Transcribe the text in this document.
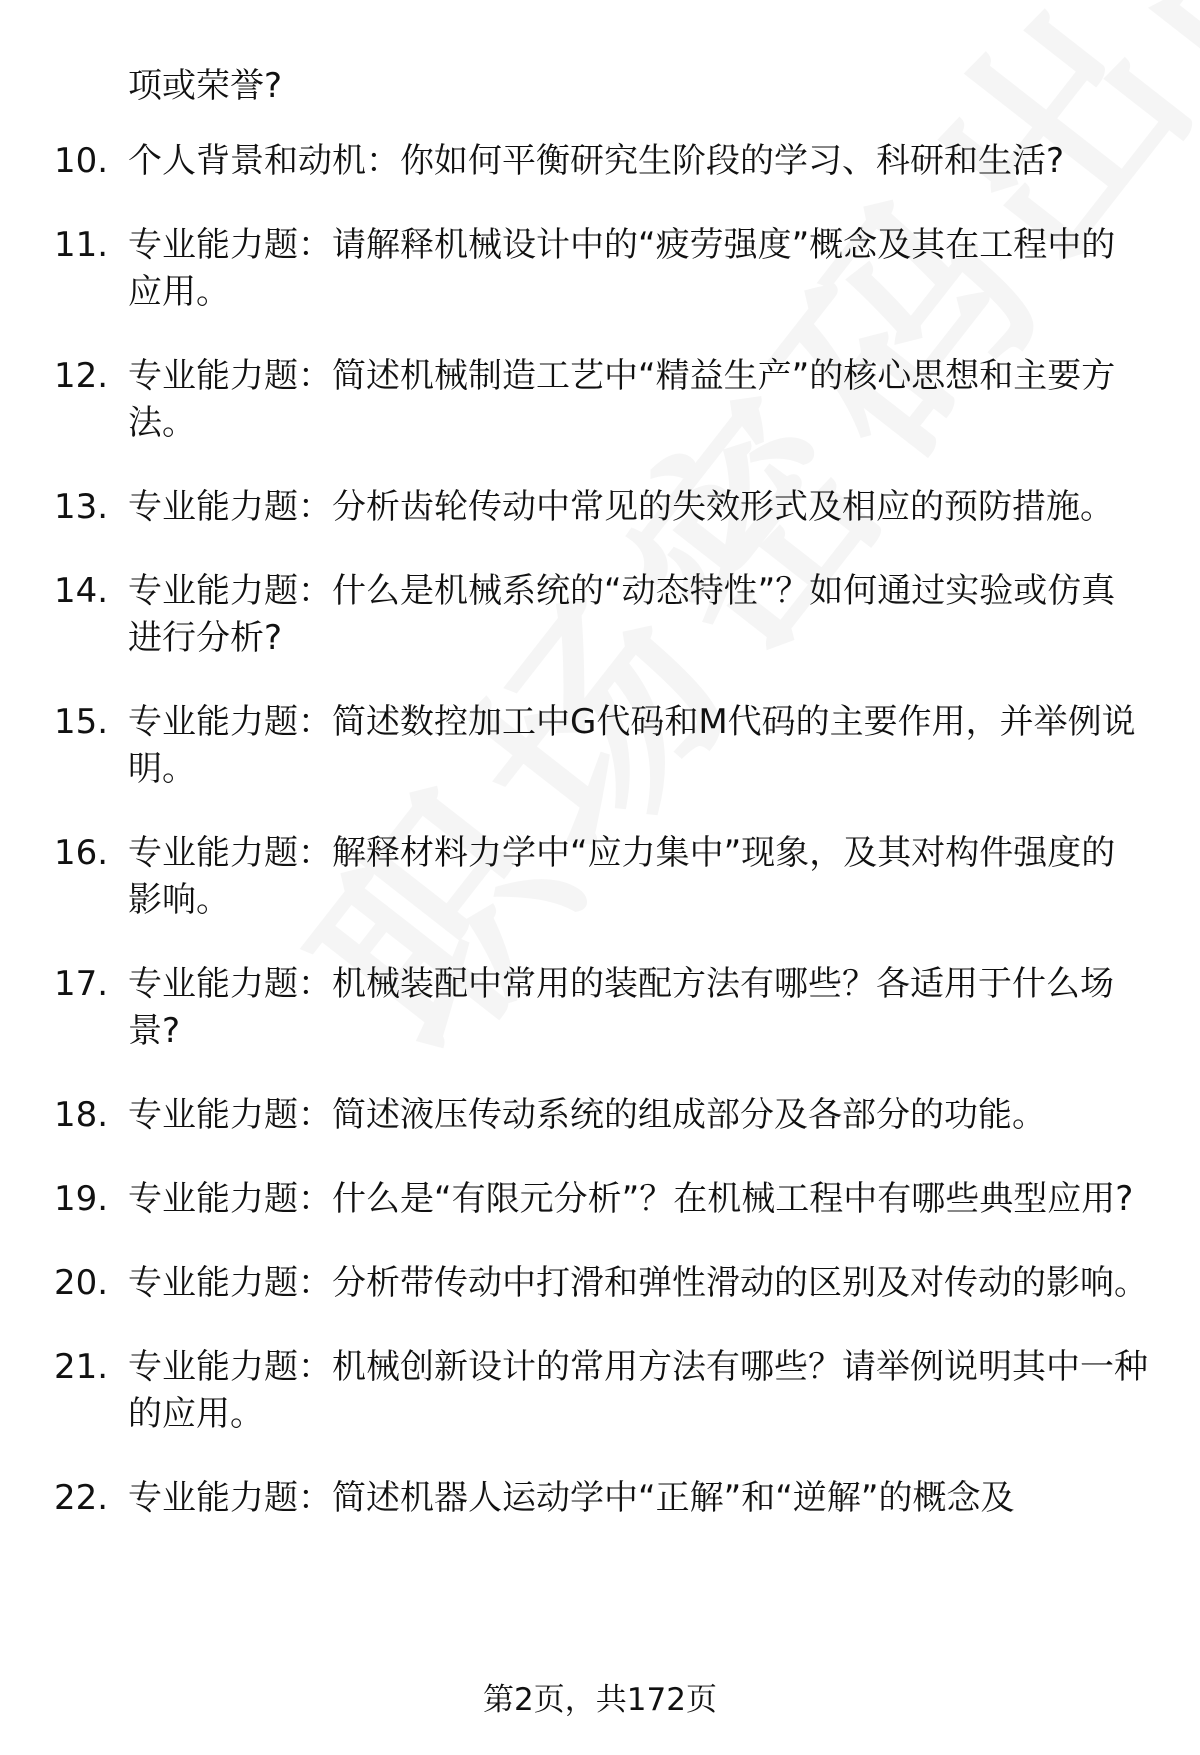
项或荣誉?
10. 个人背景和动机：你如何平衡研究生阶段的学习、科研和生活?
11. 专业能力题：请解释机械设计中的“疲劳强度”概念及其在工程中的应用。
12. 专业能力题：简述机械制造工艺中“精益生产”的核心思想和主要方法。
13. 专业能力题：分析齿轮传动中常见的失效形式及相应的预防措施。
14. 专业能力题：什么是机械系统的“动态特性”？如何通过实验或仿真进行分析?
15. 专业能力题：简述数控加工中G代码和M代码的主要作用，并举例说明。
16. 专业能力题：解释材料力学中“应力集中”现象，及其对构件强度的影响。
17. 专业能力题：机械装配中常用的装配方法有哪些？各适用于什么场景?
18. 专业能力题：简述液压传动系统的组成部分及各部分的功能。
19. 专业能力题：什么是“有限元分析”？在机械工程中有哪些典型应用?
20. 专业能力题：分析带传动中打滑和弹性滑动的区别及对传动的影响。
21. 专业能力题：机械创新设计的常用方法有哪些？请举例说明其中一种的应用。
22. 专业能力题：简述机器人运动学中“正解”和“逆解”的概念及
第2页，共172页
